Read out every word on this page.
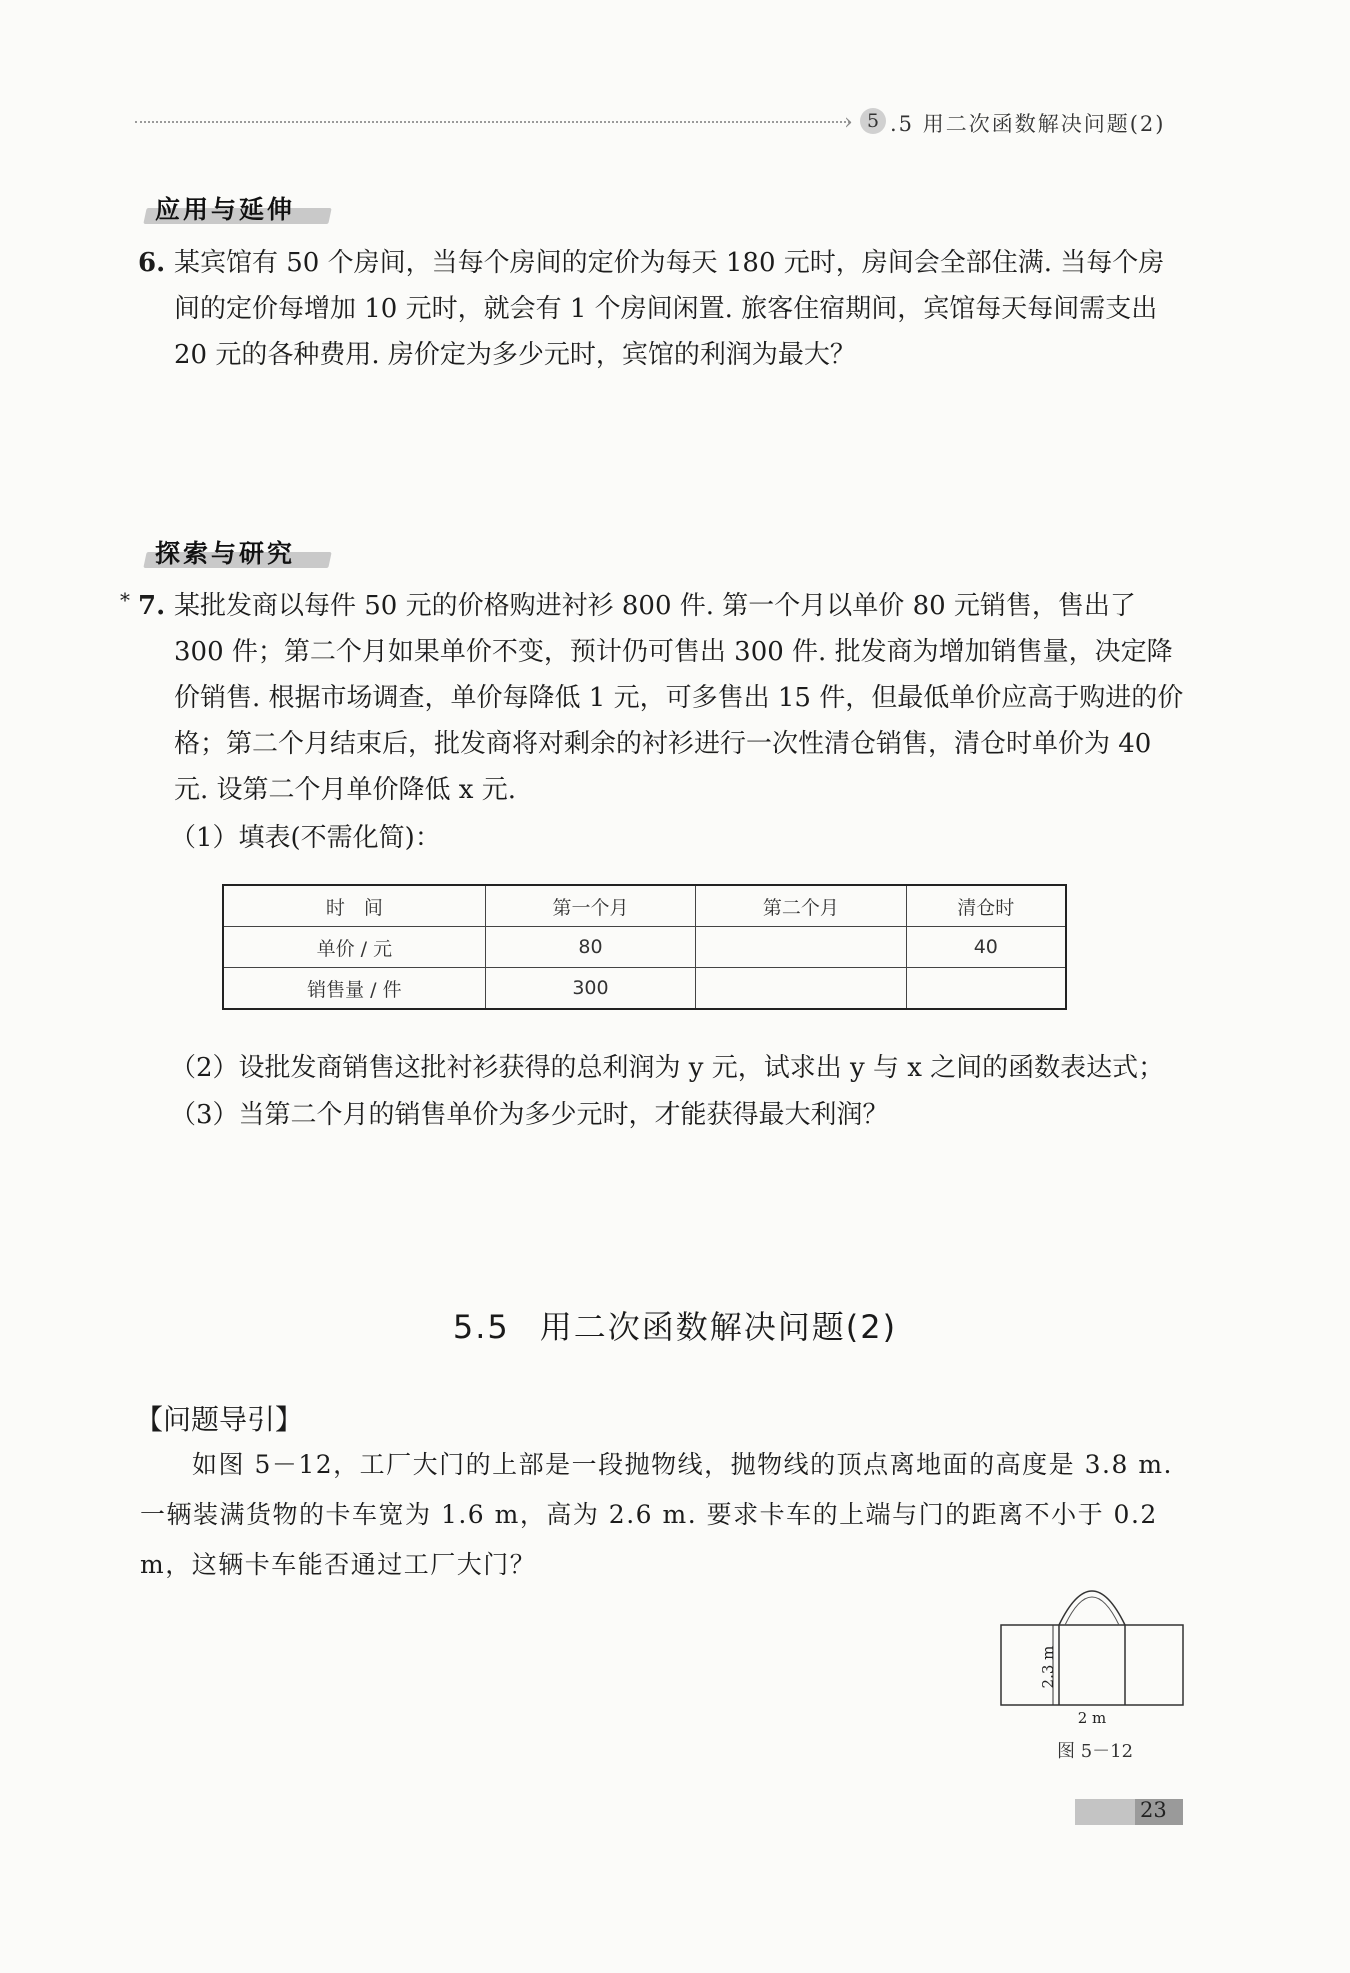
› 5 .5 用二次函数解决问题(2)
应用与延伸
6. 某宾馆有 50 个房间，当每个房间的定价为每天 180 元时，房间会全部住满. 当每个房间的定价每增加 10 元时，就会有 1 个房间闲置. 旅客住宿期间，宾馆每天每间需支出 20 元的各种费用. 房价定为多少元时，宾馆的利润为最大？

探索与研究
* 7. 某批发商以每件 50 元的价格购进衬衫 800 件. 第一个月以单价 80 元销售，售出了 300 件；第二个月如果单价不变，预计仍可售出 300 件. 批发商为增加销售量，决定降价销售. 根据市场调查，单价每降低 1 元，可多售出 15 件，但最低单价应高于购进的价格；第二个月结束后，批发商将对剩余的衬衫进行一次性清仓销售，清仓时单价为 40 元. 设第二个月单价降低 x 元.

（1）填表(不需化简)：
时　间	第一个月	第二个月	清仓时
单价 / 元	80		40
销售量 / 件	300		
（2）设批发商销售这批衬衫获得的总利润为 y 元，试求出 y 与 x 之间的函数表达式；
（3）当第二个月的销售单价为多少元时，才能获得最大利润？
5.5 用二次函数解决问题(2)
【问题导引】

如图 5－12，工厂大门的上部是一段抛物线，抛物线的顶点离地面的高度是 3.8 m. 一辆装满货物的卡车宽为 1.6 m，高为 2.6 m. 要求卡车的上端与门的距离不小于 0.2 m，这辆卡车能否通过工厂大门？

2.3 m
2 m
图 5－12
23
